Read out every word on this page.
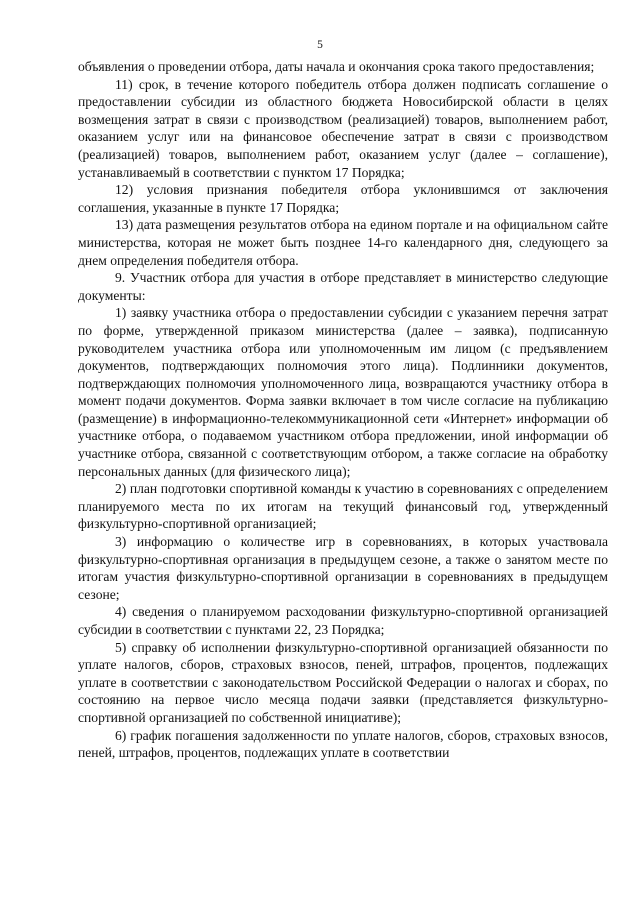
5

объявления о проведении отбора, даты начала и окончания срока такого предоставления;

11) срок, в течение которого победитель отбора должен подписать соглашение о предоставлении субсидии из областного бюджета Новосибирской области в целях возмещения затрат в связи с производством (реализацией) товаров, выполнением работ, оказанием услуг или на финансовое обеспечение затрат в связи с производством (реализацией) товаров, выполнением работ, оказанием услуг (далее – соглашение), устанавливаемый в соответствии с пунктом 17 Порядка;

12) условия признания победителя отбора уклонившимся от заключения соглашения, указанные в пункте 17 Порядка;

13) дата размещения результатов отбора на едином портале и на официальном сайте министерства, которая не может быть позднее 14-го календарного дня, следующего за днем определения победителя отбора.

9. Участник отбора для участия в отборе представляет в министерство следующие документы:

1) заявку участника отбора о предоставлении субсидии с указанием перечня затрат по форме, утвержденной приказом министерства (далее – заявка), подписанную руководителем участника отбора или уполномоченным им лицом (с предъявлением документов, подтверждающих полномочия этого лица). Подлинники документов, подтверждающих полномочия уполномоченного лица, возвращаются участнику отбора в момент подачи документов. Форма заявки включает в том числе согласие на публикацию (размещение) в информационно-телекоммуникационной сети «Интернет» информации об участнике отбора, о подаваемом участником отбора предложении, иной информации об участнике отбора, связанной с соответствующим отбором, а также согласие на обработку персональных данных (для физического лица);

2) план подготовки спортивной команды к участию в соревнованиях с определением планируемого места по их итогам на текущий финансовый год, утвержденный физкультурно-спортивной организацией;

3) информацию о количестве игр в соревнованиях, в которых участвовала физкультурно-спортивная организация в предыдущем сезоне, а также о занятом месте по итогам участия физкультурно-спортивной организации в соревнованиях в предыдущем сезоне;

4) сведения о планируемом расходовании физкультурно-спортивной организацией субсидии в соответствии с пунктами 22, 23 Порядка;

5) справку об исполнении физкультурно-спортивной организацией обязанности по уплате налогов, сборов, страховых взносов, пеней, штрафов, процентов, подлежащих уплате в соответствии с законодательством Российской Федерации о налогах и сборах, по состоянию на первое число месяца подачи заявки (представляется физкультурно-спортивной организацией по собственной инициативе);

6) график погашения задолженности по уплате налогов, сборов, страховых взносов, пеней, штрафов, процентов, подлежащих уплате в соответствии
